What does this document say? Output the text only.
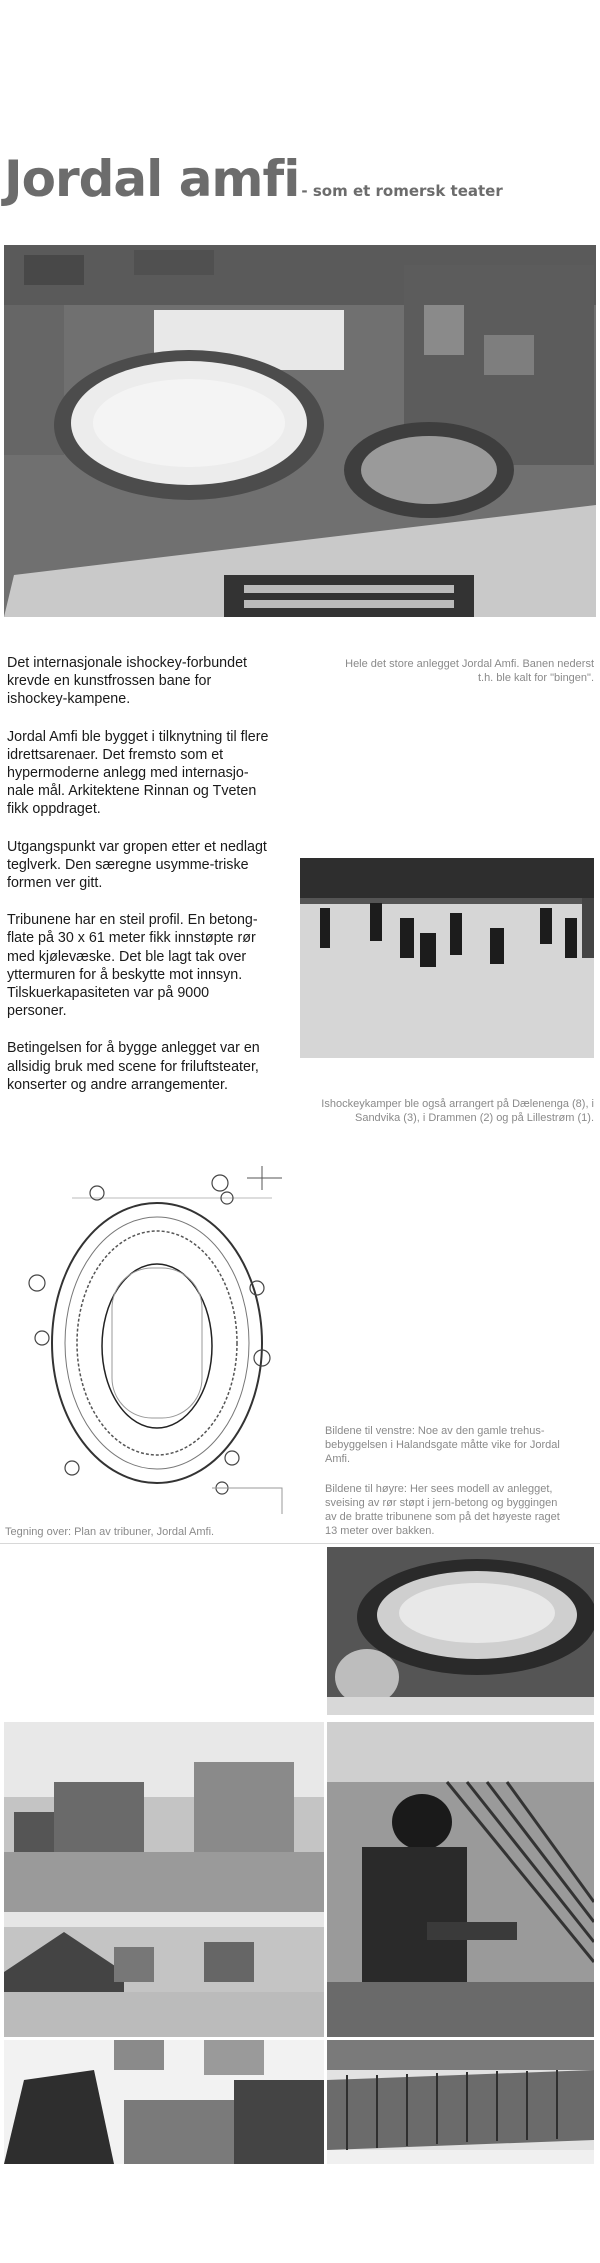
Jordal amfi - som et romersk teater
Hele det store anlegget Jordal Amfi. Banen nederst t.h. ble kalt for "bingen".

Det internasjonale ishockey-forbundet krevde en kunstfrossen bane for ishockey-kampene.

Jordal Amfi ble bygget i tilknytning til flere idrettsarenaer. Det fremsto som et hypermoderne anlegg med internasjo-nale mål. Arkitektene Rinnan og Tveten fikk oppdraget.

Utgangspunkt var gropen etter et nedlagt teglverk. Den særegne usymme-triske formen ver gitt.

Tribunene har en steil profil. En betong-flate på 30 x 61 meter fikk innstøpte rør med kjølevæske. Det ble lagt tak over yttermuren for å beskytte mot innsyn. Tilskuerkapasiteten var på 9000 personer.

Betingelsen for å bygge anlegget var en allsidig bruk med scene for friluftsteater, konserter og andre arrangementer.

Ishockeykamper ble også arrangert på Dælenenga (8), i Sandvika (3), i Drammen (2) og på Lillestrøm (1).
Tegning over: Plan av tribuner, Jordal Amfi.
Bildene til venstre: Noe av den gamle trehus-bebyggelsen i Halandsgate måtte vike for Jordal Amfi.
Bildene til høyre: Her sees modell av anlegget, sveising av rør støpt i jern-betong og byggingen av de bratte tribunene som på det høyeste raget 13 meter over bakken.
